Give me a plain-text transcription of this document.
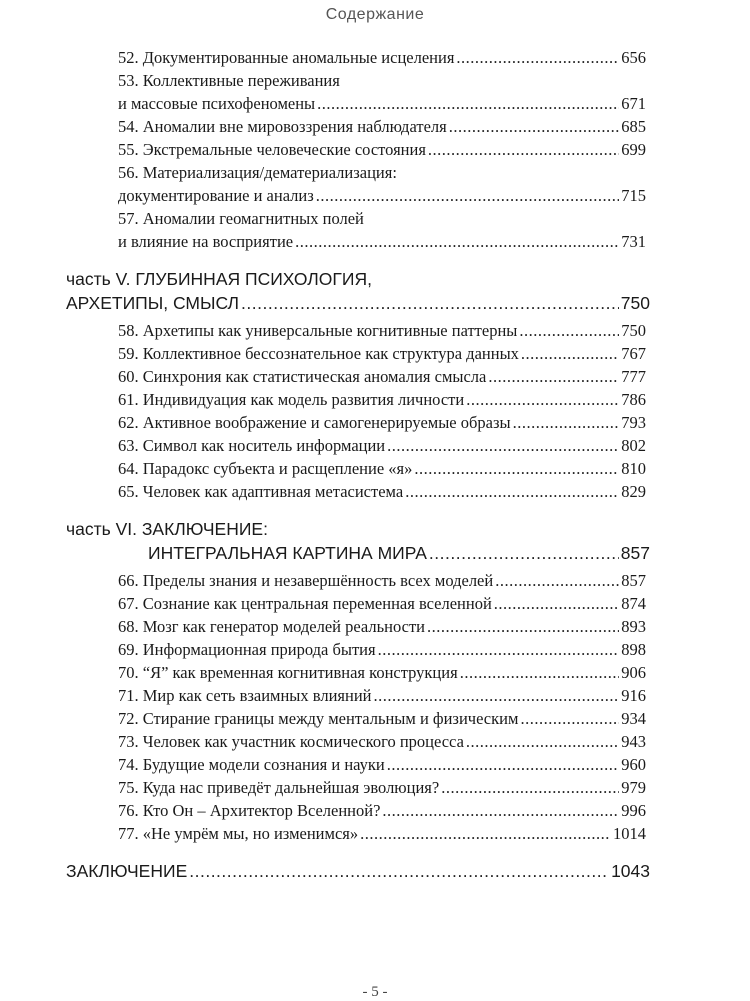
Содержание
52. Документированные аномальные исцеления .....	656
53. Коллективные переживания
и массовые психофеномены .....	671
54. Аномалии вне мировоззрения наблюдателя .....	685
55. Экстремальные человеческие состояния .....	699
56. Материализация/дематериализация:
документирование и анализ .....	715
57. Аномалии геомагнитных полей
и влияние на восприятие .....	731
часть V. ГЛУБИННАЯ ПСИХОЛОГИЯ,
АРХЕТИПЫ, СМЫСЛ .....	750
58. Архетипы как универсальные когнитивные паттерны .....	750
59. Коллективное бессознательное как структура данных .....	767
60. Синхрония как статистическая аномалия смысла .....	777
61. Индивидуация как модель развития личности .....	786
62. Активное воображение и самогенерируемые образы .....	793
63. Символ как носитель информации .....	802
64. Парадокс субъекта и расщепление «я» .....	810
65. Человек как адаптивная метасистема .....	829
часть VI. ЗАКЛЮЧЕНИЕ:
ИНТЕГРАЛЬНАЯ КАРТИНА МИРА .....	857
66. Пределы знания и незавершённость всех моделей .....	857
67. Сознание как центральная переменная вселенной .....	874
68. Мозг как генератор моделей реальности .....	893
69. Информационная природа бытия .....	898
70. “Я” как временная когнитивная конструкция .....	906
71. Мир как сеть взаимных влияний .....	916
72. Стирание границы между ментальным и физическим .....	934
73. Человек как участник космического процесса .....	943
74. Будущие модели сознания и науки .....	960
75. Куда нас приведёт дальнейшая эволюция? .....	979
76. Кто Он – Архитектор Вселенной? .....	996
77. «Не умрём мы, но изменимся» .....	1014
ЗАКЛЮЧЕНИЕ .....	1043
- 5 -
